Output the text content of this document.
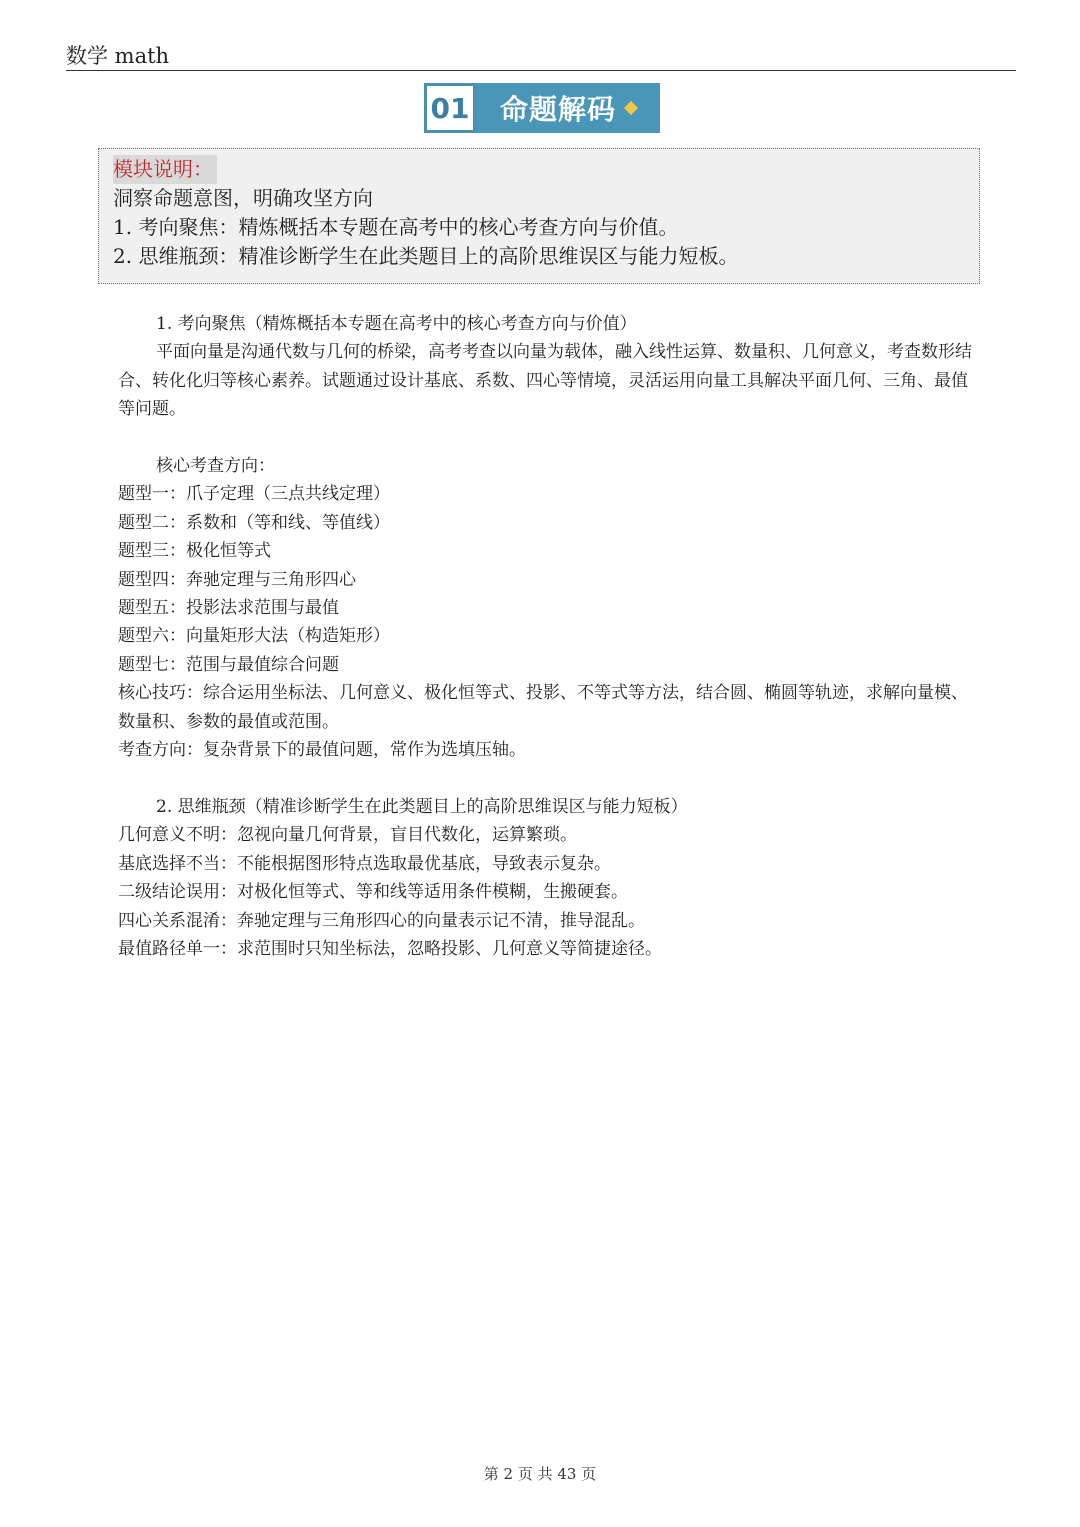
数学 math
01 命题解码
模块说明：
洞察命题意图，明确攻坚方向
1. 考向聚焦：精炼概括本专题在高考中的核心考查方向与价值。
2. 思维瓶颈：精准诊断学生在此类题目上的高阶思维误区与能力短板。

1. 考向聚焦（精炼概括本专题在高考中的核心考查方向与价值）

平面向量是沟通代数与几何的桥梁，高考考查以向量为载体，融入线性运算、数量积、几何意义，考查数形结合、转化化归等核心素养。试题通过设计基底、系数、四心等情境，灵活运用向量工具解决平面几何、三角、最值等问题。

核心考查方向：

题型一：爪子定理（三点共线定理）

题型二：系数和（等和线、等值线）

题型三：极化恒等式

题型四：奔驰定理与三角形四心

题型五：投影法求范围与最值

题型六：向量矩形大法（构造矩形）

题型七：范围与最值综合问题

核心技巧：综合运用坐标法、几何意义、极化恒等式、投影、不等式等方法，结合圆、椭圆等轨迹，求解向量模、数量积、参数的最值或范围。

考查方向：复杂背景下的最值问题，常作为选填压轴。

2. 思维瓶颈（精准诊断学生在此类题目上的高阶思维误区与能力短板）

几何意义不明：忽视向量几何背景，盲目代数化，运算繁琐。

基底选择不当：不能根据图形特点选取最优基底，导致表示复杂。

二级结论误用：对极化恒等式、等和线等适用条件模糊，生搬硬套。

四心关系混淆：奔驰定理与三角形四心的向量表示记不清，推导混乱。

最值路径单一：求范围时只知坐标法，忽略投影、几何意义等简捷途径。

第 2 页 共 43 页
